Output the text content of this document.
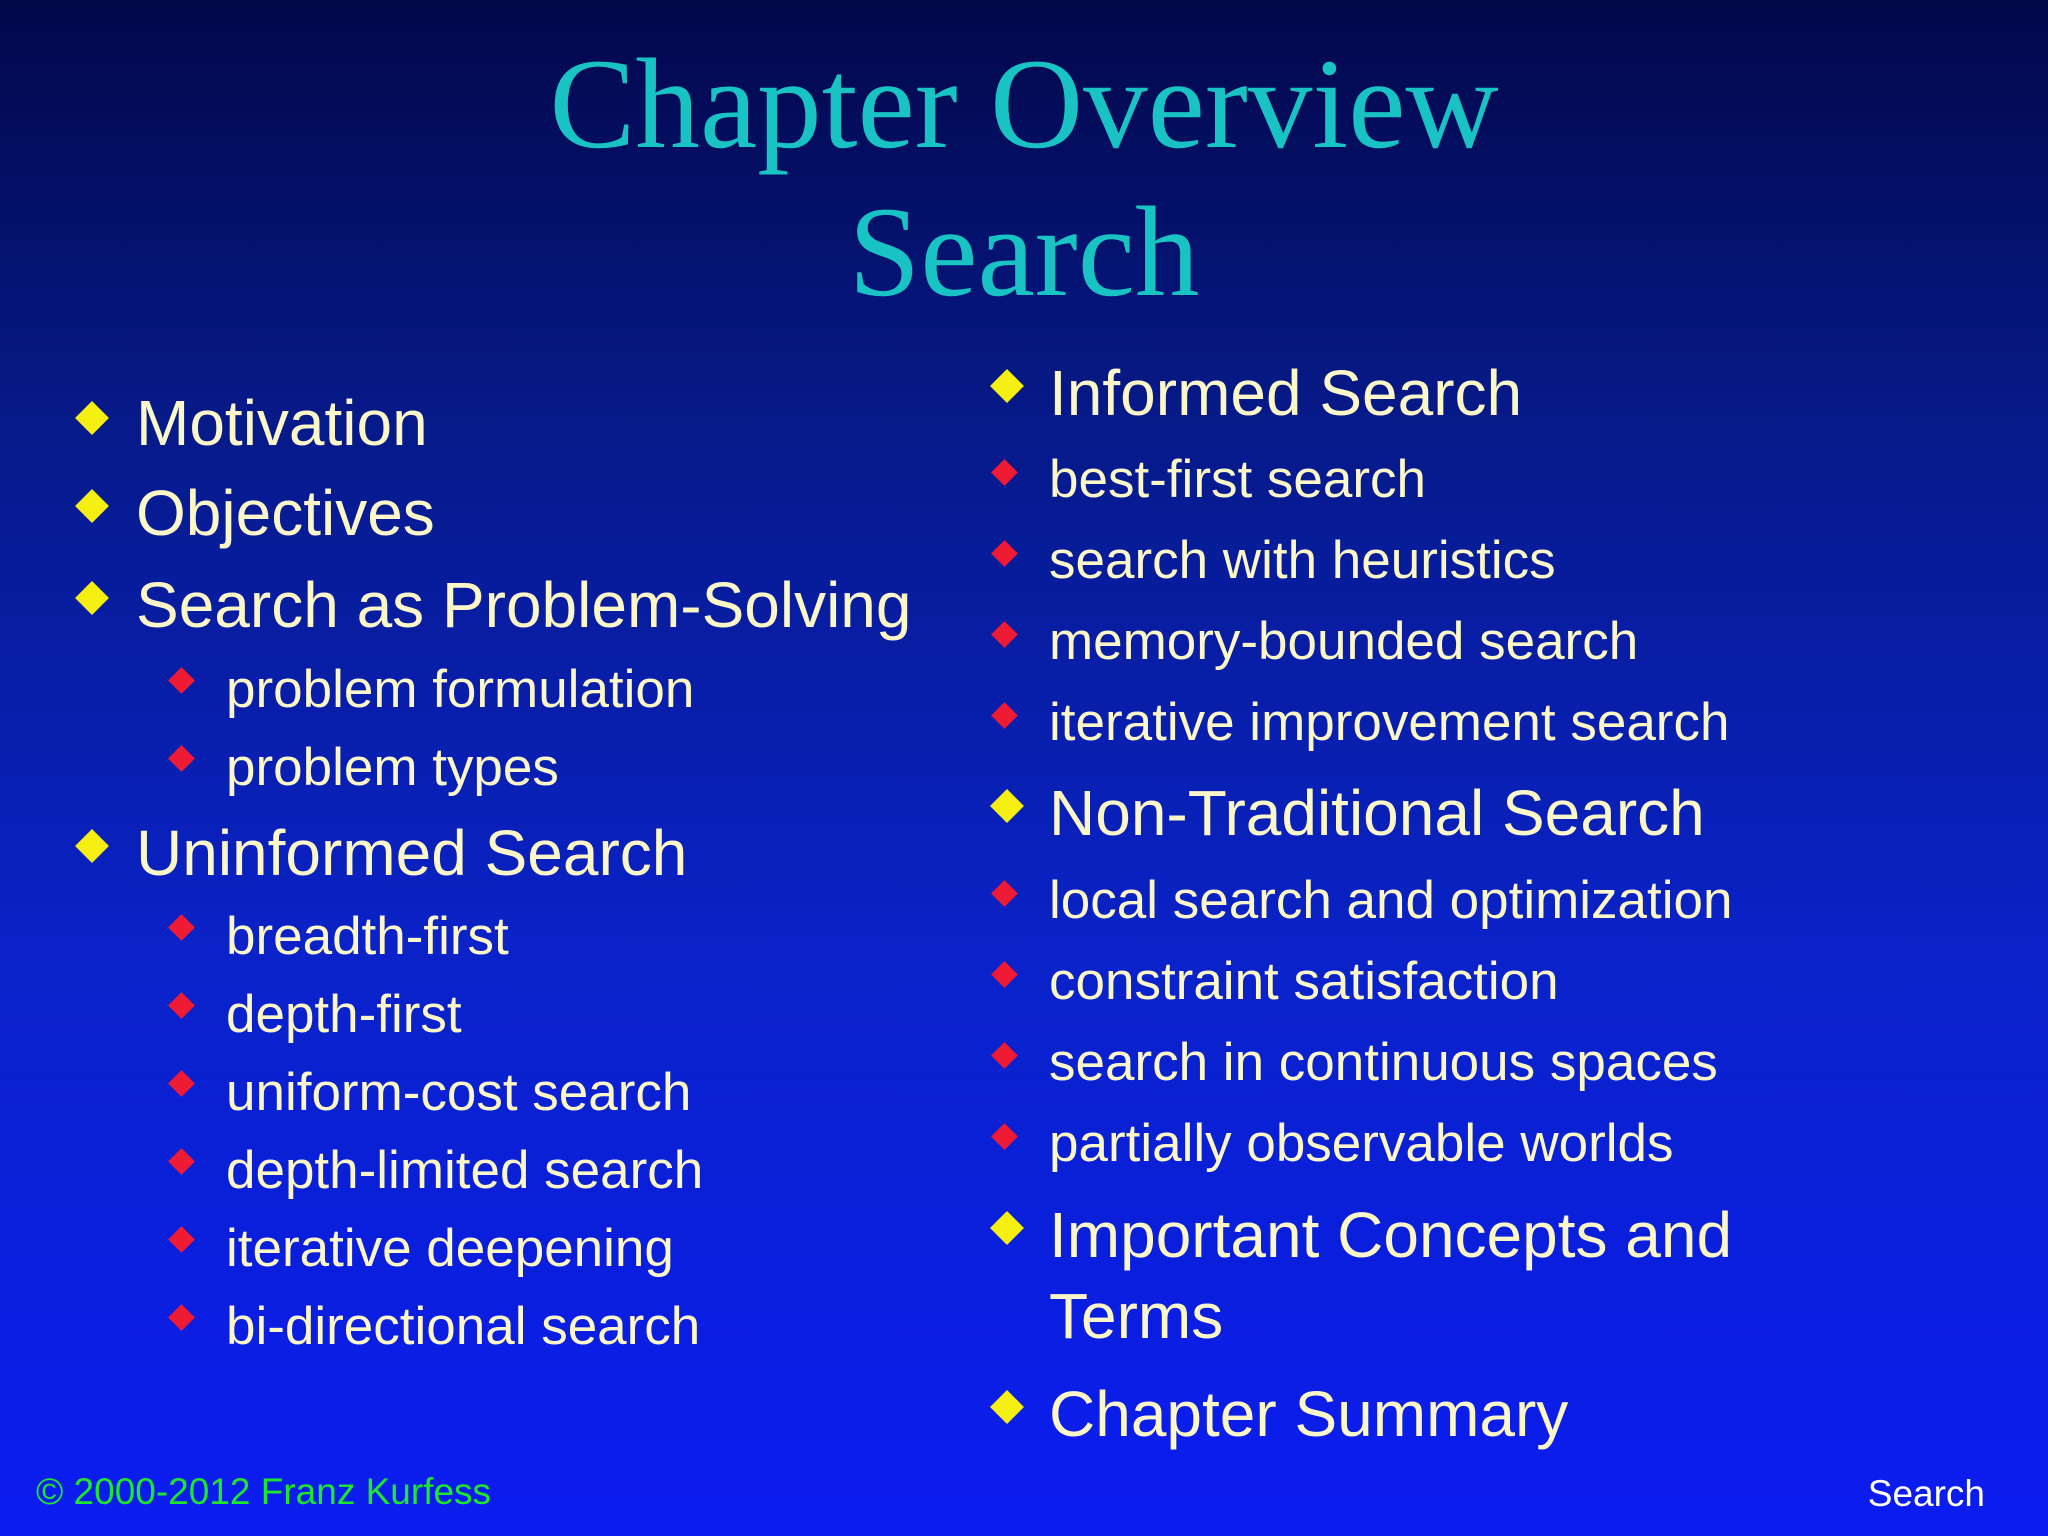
Chapter Overview
Search
Motivation
Objectives
Search as Problem-Solving
problem formulation
problem types
Uninformed Search
breadth-first
depth-first
uniform-cost search
depth-limited search
iterative deepening
bi-directional search
Informed Search
best-first search
search with heuristics
memory-bounded search
iterative improvement search
Non-Traditional Search
local search and optimization
constraint satisfaction
search in continuous spaces
partially observable worlds
Important Concepts and
Terms
Chapter Summary
© 2000-2012 Franz Kurfess	Search
